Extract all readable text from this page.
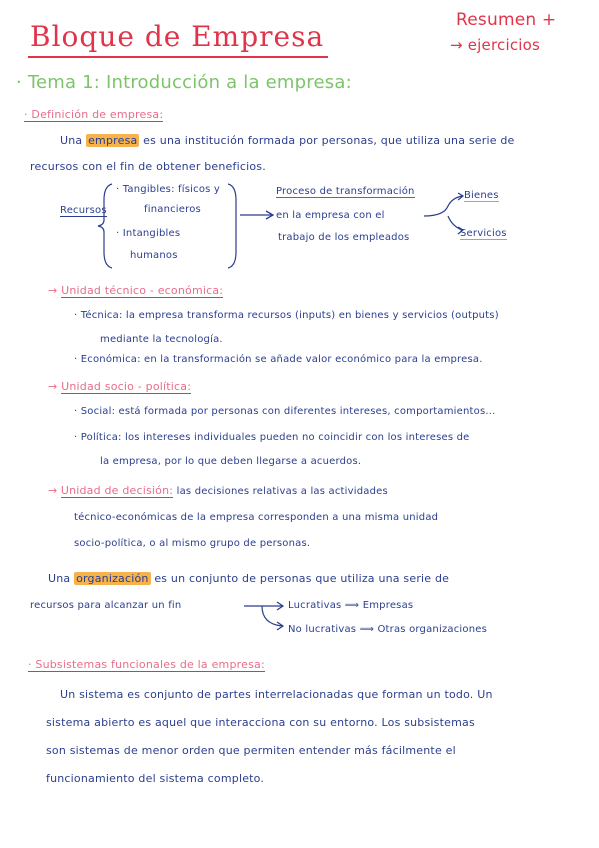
Bloque de Empresa	Resumen +
→ ejercicios
· Tema 1: Introducción a la empresa:
· Definición de empresa:
Una empresa es una institución formada por personas, que utiliza una serie de
recursos con el fin de obtener beneficios.
Recursos
· Tangibles: físicos y
financieros
· Intangibles
humanos
Proceso de transformación
en la empresa con el
trabajo de los empleados
Bienes
Servicios
→ Unidad técnico - económica:
· Técnica: la empresa transforma recursos (inputs) en bienes y servicios (outputs)
mediante la tecnología.
· Económica: en la transformación se añade valor económico para la empresa.
→ Unidad socio - política:
· Social: está formada por personas con diferentes intereses, comportamientos...
· Política: los intereses individuales pueden no coincidir con los intereses de
la empresa, por lo que deben llegarse a acuerdos.
→ Unidad de decisión: las decisiones relativas a las actividades
técnico-económicas de la empresa corresponden a una misma unidad
socio-política, o al mismo grupo de personas.
Una organización es un conjunto de personas que utiliza una serie de
recursos para alcanzar un fin	Lucrativas ⟹ Empresas
No lucrativas ⟹ Otras organizaciones
· Subsistemas funcionales de la empresa:
Un sistema es conjunto de partes interrelacionadas que forman un todo. Un
sistema abierto es aquel que interacciona con su entorno. Los subsistemas
son sistemas de menor orden que permiten entender más fácilmente el
funcionamiento del sistema completo.
